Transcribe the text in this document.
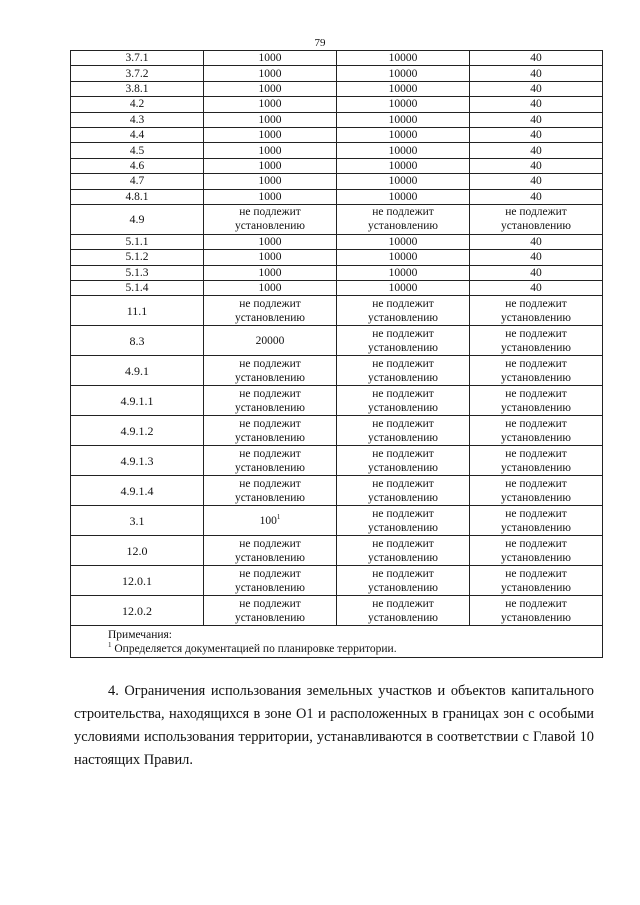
79
3.7.1	1000	10000	40

3.7.2	1000	10000	40

3.8.1	1000	10000	40

4.2	1000	10000	40

4.3	1000	10000	40

4.4	1000	10000	40

4.5	1000	10000	40

4.6	1000	10000	40

4.7	1000	10000	40

4.8.1	1000	10000	40

4.9	не подлежит
установлению	не подлежит
установлению	не подлежит
установлению

5.1.1	1000	10000	40

5.1.2	1000	10000	40

5.1.3	1000	10000	40

5.1.4	1000	10000	40

11.1	не подлежит
установлению	не подлежит
установлению	не подлежит
установлению

8.3	20000	не подлежит
установлению	не подлежит
установлению

4.9.1	не подлежит
установлению	не подлежит
установлению	не подлежит
установлению

4.9.1.1	не подлежит
установлению	не подлежит
установлению	не подлежит
установлению

4.9.1.2	не подлежит
установлению	не подлежит
установлению	не подлежит
установлению

4.9.1.3	не подлежит
установлению	не подлежит
установлению	не подлежит
установлению

4.9.1.4	не подлежит
установлению	не подлежит
установлению	не подлежит
установлению

3.1	$100^1$	не подлежит
установлению	не подлежит
установлению

12.0	не подлежит
установлению	не подлежит
установлению	не подлежит
установлению

12.0.1	не подлежит
установлению	не подлежит
установлению	не подлежит
установлению

12.0.2	не подлежит
установлению	не подлежит
установлению	не подлежит
установлению

Примечания:
$^1$ Определяется документацией по планировке территории.			

4. Ограничения использования земельных участков и объектов капитального строительства, находящихся в зоне О1 и расположенных в границах зон с особыми условиями использования территории, устанавливаются в соответствии с Главой 10 настоящих Правил.
